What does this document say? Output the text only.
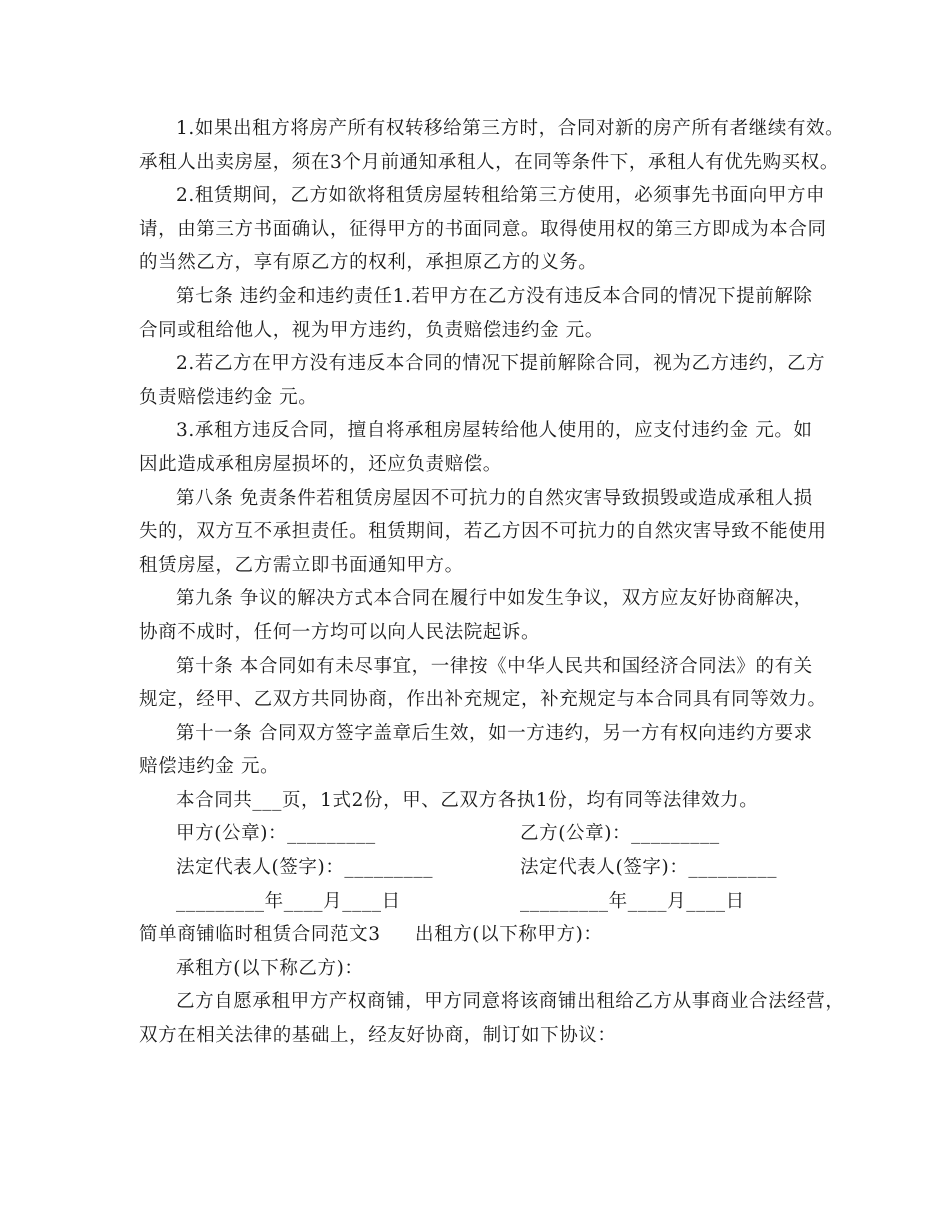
1.如果出租方将房产所有权转移给第三方时，合同对新的房产所有者继续有效。
承租人出卖房屋，须在3个月前通知承租人，在同等条件下，承租人有优先购买权。
2.租赁期间，乙方如欲将租赁房屋转租给第三方使用，必须事先书面向甲方申
请，由第三方书面确认，征得甲方的书面同意。取得使用权的第三方即成为本合同
的当然乙方，享有原乙方的权利，承担原乙方的义务。
第七条 违约金和违约责任1.若甲方在乙方没有违反本合同的情况下提前解除
合同或租给他人，视为甲方违约，负责赔偿违约金 元。
2.若乙方在甲方没有违反本合同的情况下提前解除合同，视为乙方违约，乙方
负责赔偿违约金 元。
3.承租方违反合同，擅自将承租房屋转给他人使用的，应支付违约金 元。如
因此造成承租房屋损坏的，还应负责赔偿。
第八条 免责条件若租赁房屋因不可抗力的自然灾害导致损毁或造成承租人损
失的，双方互不承担责任。租赁期间，若乙方因不可抗力的自然灾害导致不能使用
租赁房屋，乙方需立即书面通知甲方。
第九条 争议的解决方式本合同在履行中如发生争议，双方应友好协商解决，
协商不成时，任何一方均可以向人民法院起诉。
第十条 本合同如有未尽事宜，一律按《中华人民共和国经济合同法》的有关
规定，经甲、乙双方共同协商，作出补充规定，补充规定与本合同具有同等效力。
第十一条 合同双方签字盖章后生效，如一方违约，另一方有权向违约方要求
赔偿违约金 元。
本合同共___页，1式2份，甲、乙双方各执1份，均有同等法律效力。
甲方(公章)：_________	乙方(公章)：_________
法定代表人(签字)：_________	法定代表人(签字)：_________
_________年____月____日	_________年____月____日
简单商铺临时租赁合同范文3 出租方(以下称甲方)：
承租方(以下称乙方)：
乙方自愿承租甲方产权商铺，甲方同意将该商铺出租给乙方从事商业合法经营，
双方在相关法律的基础上，经友好协商，制订如下协议：
